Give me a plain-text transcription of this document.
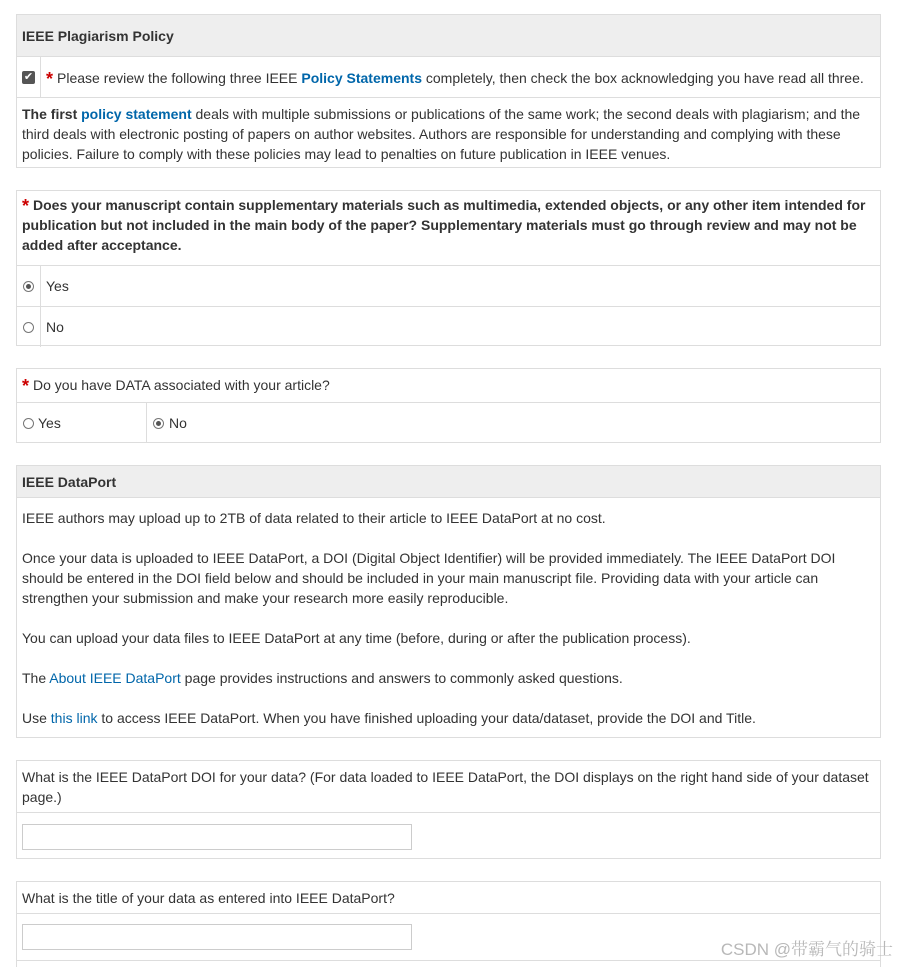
IEEE Plagiarism Policy
✔ * Please review the following three IEEE Policy Statements completely, then check the box acknowledging you have read all three.
The first policy statement deals with multiple submissions or publications of the same work; the second deals with plagiarism; and the third deals with electronic posting of papers on author websites. Authors are responsible for understanding and complying with these policies. Failure to comply with these policies may lead to penalties on future publication in IEEE venues.
* Does your manuscript contain supplementary materials such as multimedia, extended objects, or any other item intended for publication but not included in the main body of the paper? Supplementary materials must go through review and may not be added after acceptance.
Yes
No
* Do you have DATA associated with your article?
Yes	No
IEEE DataPort

IEEE authors may upload up to 2TB of data related to their article to IEEE DataPort at no cost.

Once your data is uploaded to IEEE DataPort, a DOI (Digital Object Identifier) will be provided immediately. The IEEE DataPort DOI should be entered in the DOI field below and should be included in your main manuscript file. Providing data with your article can strengthen your submission and make your research more easily reproducible.

You can upload your data files to IEEE DataPort at any time (before, during or after the publication process).

The About IEEE DataPort page provides instructions and answers to commonly asked questions.

Use this link to access IEEE DataPort. When you have finished uploading your data/dataset, provide the DOI and Title.

What is the IEEE DataPort DOI for your data? (For data loaded to IEEE DataPort, the DOI displays on the right hand side of your dataset page.)
What is the title of your data as entered into IEEE DataPort?
CSDN @带霸气的骑士
